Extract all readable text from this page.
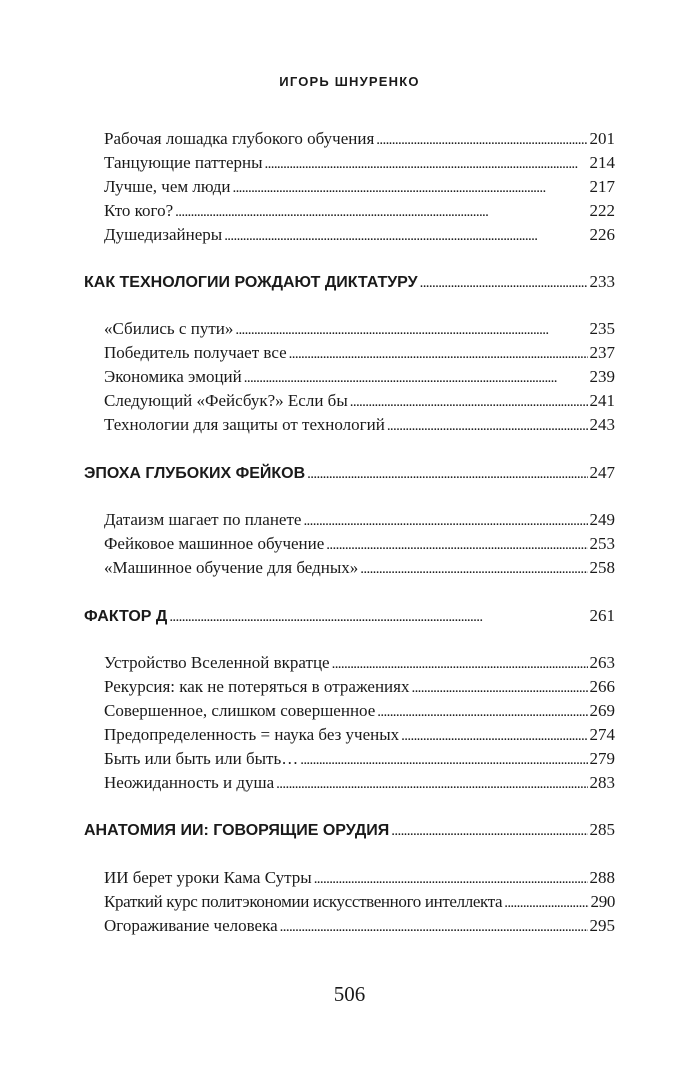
ИГОРЬ ШНУРЕНКО
Рабочая лошадка глубокого обучения . . .	201
Танцующие паттерны . . .	214
Лучше, чем люди . . .	217
Кто кого? . . .	222
Душедизайнеры . . .	226
КАК ТЕХНОЛОГИИ РОЖДАЮТ ДИКТАТУРУ . . .	233
«Сбились с пути» . . .	235
Победитель получает все . . .	237
Экономика эмоций . . .	239
Следующий «Фейсбук?» Если бы . . .	241
Технологии для защиты от технологий . . .	243
ЭПОХА ГЛУБОКИХ ФЕЙКОВ . . .	247
Датаизм шагает по планете . . .	249
Фейковое машинное обучение . . .	253
«Машинное обучение для бедных» . . .	258
ФАКТОР Д . . .	261
Устройство Вселенной вкратце . . .	263
Рекурсия: как не потеряться в отражениях . . .	266
Совершенное, слишком совершенное . . .	269
Предопределенность = наука без ученых . . .	274
Быть или быть или быть… . . .	279
Неожиданность и душа . . .	283
АНАТОМИЯ ИИ: ГОВОРЯЩИЕ ОРУДИЯ . . .	285
ИИ берет уроки Кама Сутры . . .	288
Краткий курс политэкономии искусственного интеллекта . . .	290
Огораживание человека . . .	295
506
